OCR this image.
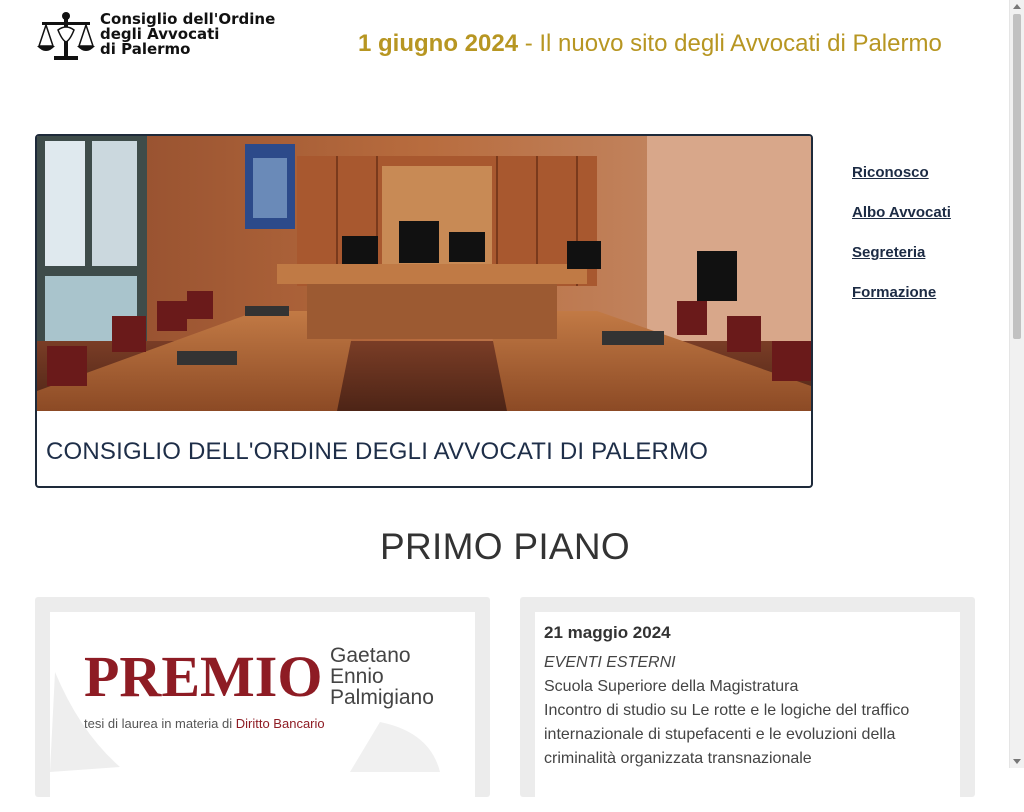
Consiglio dell'Ordine
degli Avvocati
di Palermo	1 giugno 2024 - Il nuovo sito degli Avvocati di Palermo
CONSIGLIO DELL'ORDINE DEGLI AVVOCATI DI PALERMO
Riconosco
Albo Avvocati
Segreteria
Formazione
PRIMO PIANO
PREMIO Gaetano
Ennio
Palmigiano
tesi di laurea in materia di Diritto Bancario
21 maggio 2024
EVENTI ESTERNI
Scuola Superiore della Magistratura
Incontro di studio su Le rotte e le logiche del traffico internazionale di stupefacenti e le evoluzioni della criminalità organizzata transnazionale
